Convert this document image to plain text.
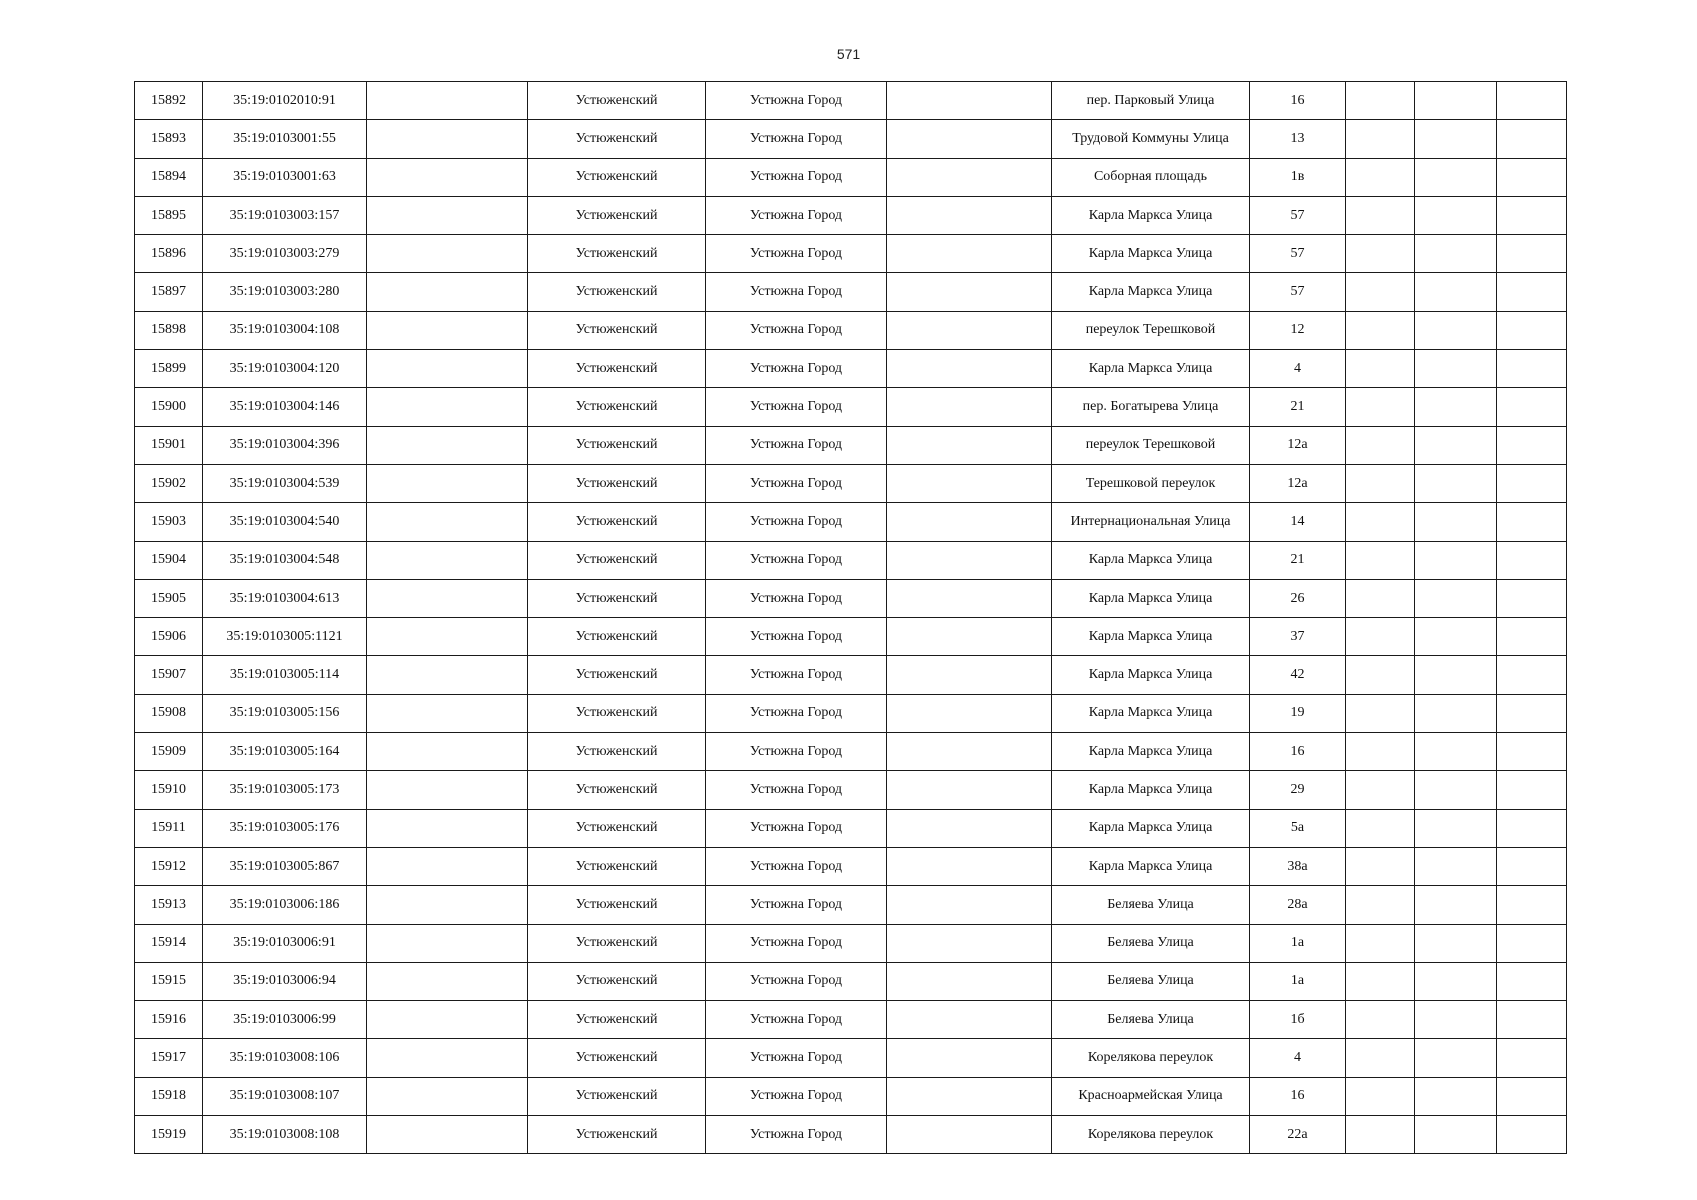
571
15892	35:19:0102010:91		Устюженский	Устюжна Город		пер. Парковый Улица	16			
15893	35:19:0103001:55		Устюженский	Устюжна Город		Трудовой Коммуны Улица	13			
15894	35:19:0103001:63		Устюженский	Устюжна Город		Соборная площадь	1в			
15895	35:19:0103003:157		Устюженский	Устюжна Город		Карла Маркса Улица	57			
15896	35:19:0103003:279		Устюженский	Устюжна Город		Карла Маркса Улица	57			
15897	35:19:0103003:280		Устюженский	Устюжна Город		Карла Маркса Улица	57			
15898	35:19:0103004:108		Устюженский	Устюжна Город		переулок Терешковой	12			
15899	35:19:0103004:120		Устюженский	Устюжна Город		Карла Маркса Улица	4			
15900	35:19:0103004:146		Устюженский	Устюжна Город		пер. Богатырева Улица	21			
15901	35:19:0103004:396		Устюженский	Устюжна Город		переулок Терешковой	12а			
15902	35:19:0103004:539		Устюженский	Устюжна Город		Терешковой переулок	12а			
15903	35:19:0103004:540		Устюженский	Устюжна Город		Интернациональная Улица	14			
15904	35:19:0103004:548		Устюженский	Устюжна Город		Карла Маркса Улица	21			
15905	35:19:0103004:613		Устюженский	Устюжна Город		Карла Маркса Улица	26			
15906	35:19:0103005:1121		Устюженский	Устюжна Город		Карла Маркса Улица	37			
15907	35:19:0103005:114		Устюженский	Устюжна Город		Карла Маркса Улица	42			
15908	35:19:0103005:156		Устюженский	Устюжна Город		Карла Маркса Улица	19			
15909	35:19:0103005:164		Устюженский	Устюжна Город		Карла Маркса Улица	16			
15910	35:19:0103005:173		Устюженский	Устюжна Город		Карла Маркса Улица	29			
15911	35:19:0103005:176		Устюженский	Устюжна Город		Карла Маркса Улица	5а			
15912	35:19:0103005:867		Устюженский	Устюжна Город		Карла Маркса Улица	38а			
15913	35:19:0103006:186		Устюженский	Устюжна Город		Беляева Улица	28а			
15914	35:19:0103006:91		Устюженский	Устюжна Город		Беляева Улица	1а			
15915	35:19:0103006:94		Устюженский	Устюжна Город		Беляева Улица	1а			
15916	35:19:0103006:99		Устюженский	Устюжна Город		Беляева Улица	1б			
15917	35:19:0103008:106		Устюженский	Устюжна Город		Корелякова переулок	4			
15918	35:19:0103008:107		Устюженский	Устюжна Город		Красноармейская Улица	16			
15919	35:19:0103008:108		Устюженский	Устюжна Город		Корелякова переулок	22а			
